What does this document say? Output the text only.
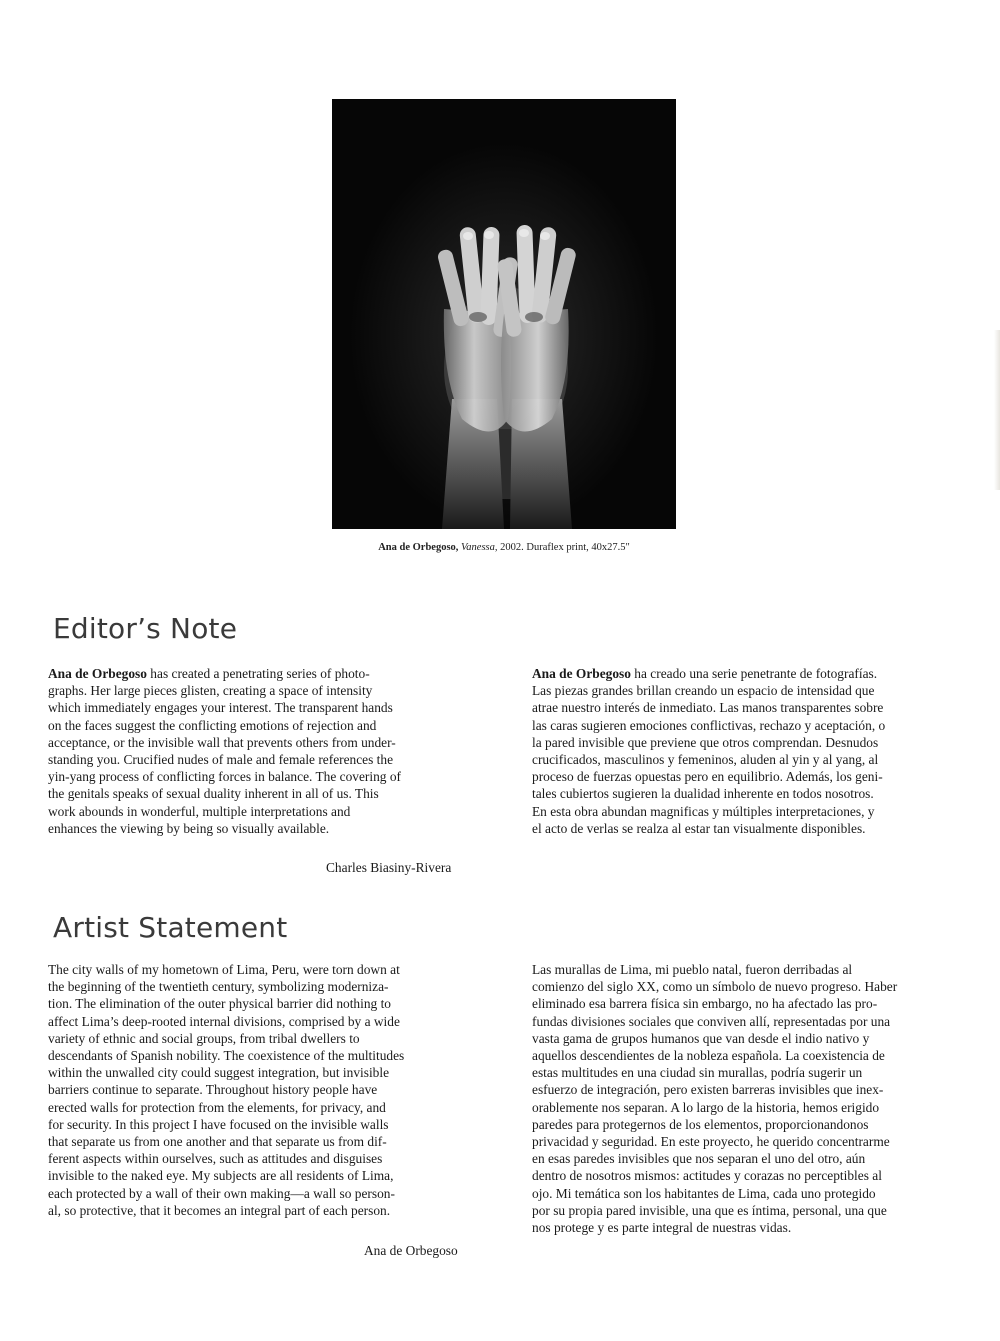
Ana de Orbegoso, Vanessa, 2002. Duraflex print, 40x27.5"
Editor’s Note

Ana de Orbegoso has created a penetrating series of photo-
graphs. Her large pieces glisten, creating a space of intensity
which immediately engages your interest. The transparent hands
on the faces suggest the conflicting emotions of rejection and
acceptance, or the invisible wall that prevents others from under-
standing you. Crucified nudes of male and female references the
yin-yang process of conflicting forces in balance. The covering of
the genitals speaks of sexual duality inherent in all of us. This
work abounds in wonderful, multiple interpretations and
enhances the viewing by being so visually available.

Charles Biasiny-Rivera

Ana de Orbegoso ha creado una serie penetrante de fotografías.
Las piezas grandes brillan creando un espacio de intensidad que
atrae nuestro interés de inmediato. Las manos transparentes sobre
las caras sugieren emociones conflictivas, rechazo y aceptación, o
la pared invisible que previene que otros comprendan. Desnudos
crucificados, masculinos y femeninos, aluden al yin y al yang, al
proceso de fuerzas opuestas pero en equilibrio. Además, los geni-
tales cubiertos sugieren la dualidad inherente en todos nosotros.
En esta obra abundan magnificas y múltiples interpretaciones, y
el acto de verlas se realza al estar tan visualmente disponibles.

Artist Statement

The city walls of my hometown of Lima, Peru, were torn down at
the beginning of the twentieth century, symbolizing moderniza-
tion. The elimination of the outer physical barrier did nothing to
affect Lima’s deep-rooted internal divisions, comprised by a wide
variety of ethnic and social groups, from tribal dwellers to
descendants of Spanish nobility. The coexistence of the multitudes
within the unwalled city could suggest integration, but invisible
barriers continue to separate. Throughout history people have
erected walls for protection from the elements, for privacy, and
for security. In this project I have focused on the invisible walls
that separate us from one another and that separate us from dif-
ferent aspects within ourselves, such as attitudes and disguises
invisible to the naked eye. My subjects are all residents of Lima,
each protected by a wall of their own making—a wall so person-
al, so protective, that it becomes an integral part of each person.

Ana de Orbegoso

Las murallas de Lima, mi pueblo natal, fueron derribadas al
comienzo del siglo XX, como un símbolo de nuevo progreso. Haber
eliminado esa barrera física sin embargo, no ha afectado las pro-
fundas divisiones sociales que conviven allí, representadas por una
vasta gama de grupos humanos que van desde el indio nativo y
aquellos descendientes de la nobleza española. La coexistencia de
estas multitudes en una ciudad sin murallas, podría sugerir un
esfuerzo de integración, pero existen barreras invisibles que inex-
orablemente nos separan. A lo largo de la historia, hemos erigido
paredes para protegernos de los elementos, proporcionandonos
privacidad y seguridad. En este proyecto, he querido concentrarme
en esas paredes invisibles que nos separan el uno del otro, aún
dentro de nosotros mismos: actitudes y corazas no perceptibles al
ojo. Mi temática son los habitantes de Lima, cada uno protegido
por su propia pared invisible, una que es íntima, personal, una que
nos protege y es parte integral de nuestras vidas.
